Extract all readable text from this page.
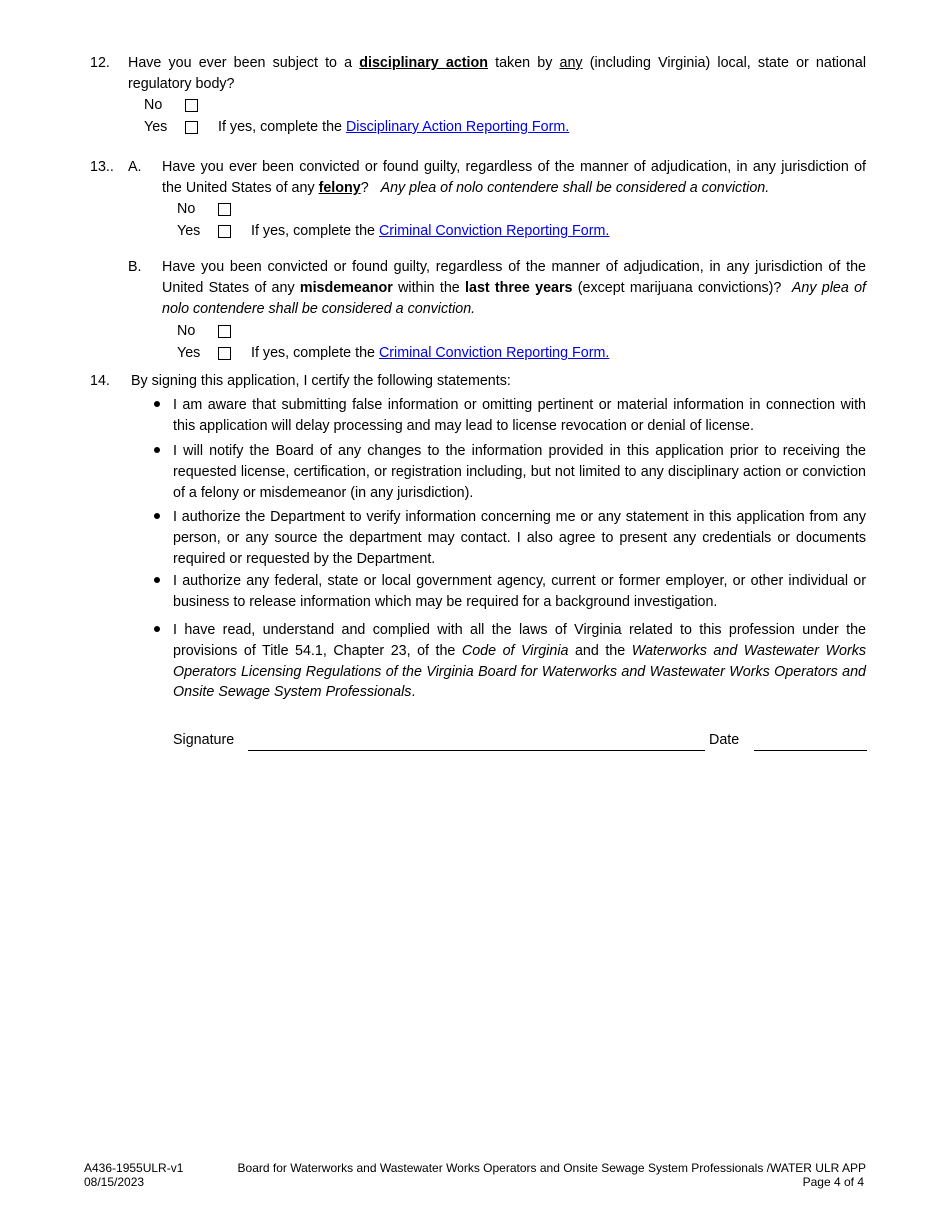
12. Have you ever been subject to a disciplinary action taken by any (including Virginia) local, state or national regulatory body?
No
Yes	If yes, complete the Disciplinary Action Reporting Form.
13.. A. Have you ever been convicted or found guilty, regardless of the manner of adjudication, in any jurisdiction of the United States of any felony?   Any plea of nolo contendere shall be considered a conviction.
No
Yes	If yes, complete the Criminal Conviction Reporting Form.
B. Have you been convicted or found guilty, regardless of the manner of adjudication, in any jurisdiction of the United States of any misdemeanor within the last three years (except marijuana convictions)?  Any plea of nolo contendere shall be considered a conviction.
No
Yes	If yes, complete the Criminal Conviction Reporting Form.
14. By signing this application, I certify the following statements:
I am aware that submitting false information or omitting pertinent or material information in connection with this application will delay processing and may lead to license revocation or denial of license.
I will notify the Board of any changes to the information provided in this application prior to receiving the requested license, certification, or registration including, but not limited to any disciplinary action or conviction of a felony or misdemeanor (in any jurisdiction).
I authorize the Department to verify information concerning me or any statement in this application from any person, or any source the department may contact. I also agree to present any credentials or documents required or requested by the Department.
I authorize any federal, state or local government agency, current or former employer, or other individual or business to release information which may be required for a background investigation.
I have read, understand and complied with all the laws of Virginia related to this profession under the provisions of Title 54.1, Chapter 23, of the Code of Virginia and the Waterworks and Wastewater Works Operators Licensing Regulations of the Virginia Board for Waterworks and Wastewater Works Operators and Onsite Sewage System Professionals.
Signature	Date
A436-1955ULR-v1
08/15/2023
Board for Waterworks and Wastewater Works Operators and Onsite Sewage System Professionals /WATER ULR APP
Page 4 of 4
